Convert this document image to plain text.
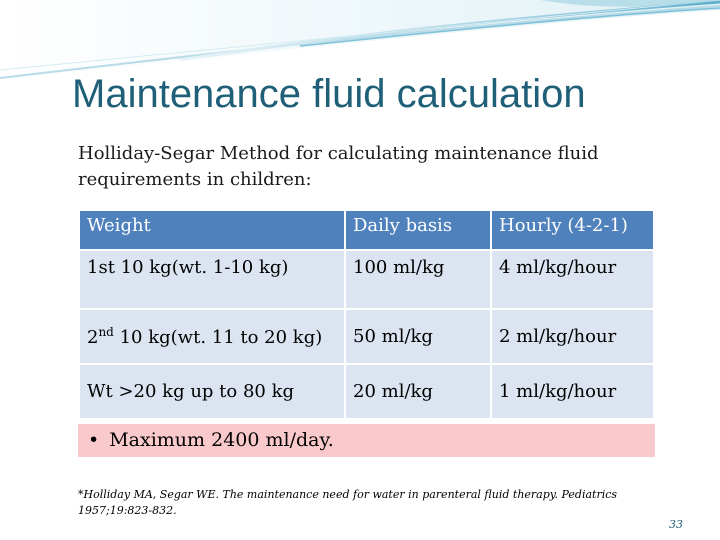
Maintenance fluid calculation
Holliday-Segar Method for calculating maintenance fluid requirements in children:
Weight	Daily basis	Hourly (4-2-1)
1st 10 kg(wt. 1-10 kg)	100 ml/kg	4 ml/kg/hour
2nd 10 kg(wt. 11 to 20 kg)	50 ml/kg	2 ml/kg/hour
Wt >20 kg up to 80 kg	20 ml/kg	1 ml/kg/hour
• Maximum 2400 ml/day.
*Holliday MA, Segar WE. The maintenance need for water in parenteral fluid therapy. Pediatrics 1957;19:823-832.
33
